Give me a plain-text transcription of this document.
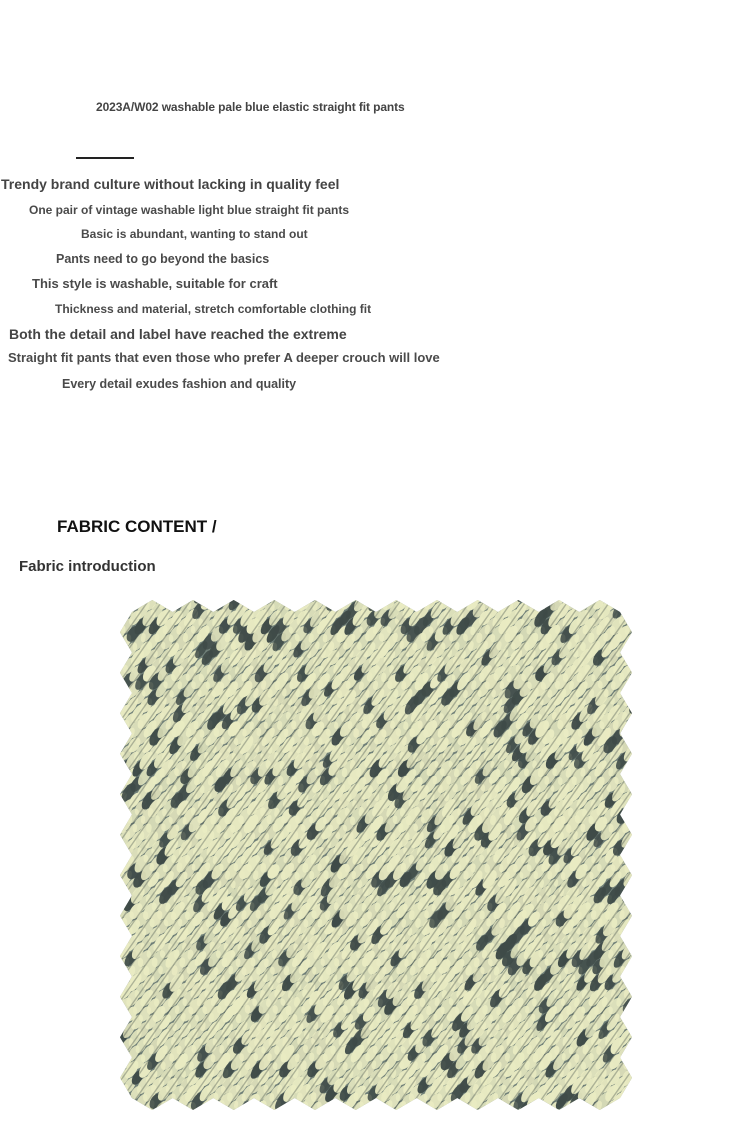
2023A/W02 washable pale blue elastic straight fit pants
Trendy brand culture without lacking in quality feel
One pair of vintage washable light blue straight fit pants
Basic is abundant, wanting to stand out
Pants need to go beyond the basics
This style is washable, suitable for craft
Thickness and material, stretch comfortable clothing fit
Both the detail and label have reached the extreme
Straight fit pants that even those who prefer A deeper crouch will love
Every detail exudes fashion and quality
FABRIC CONTENT /
Fabric introduction
